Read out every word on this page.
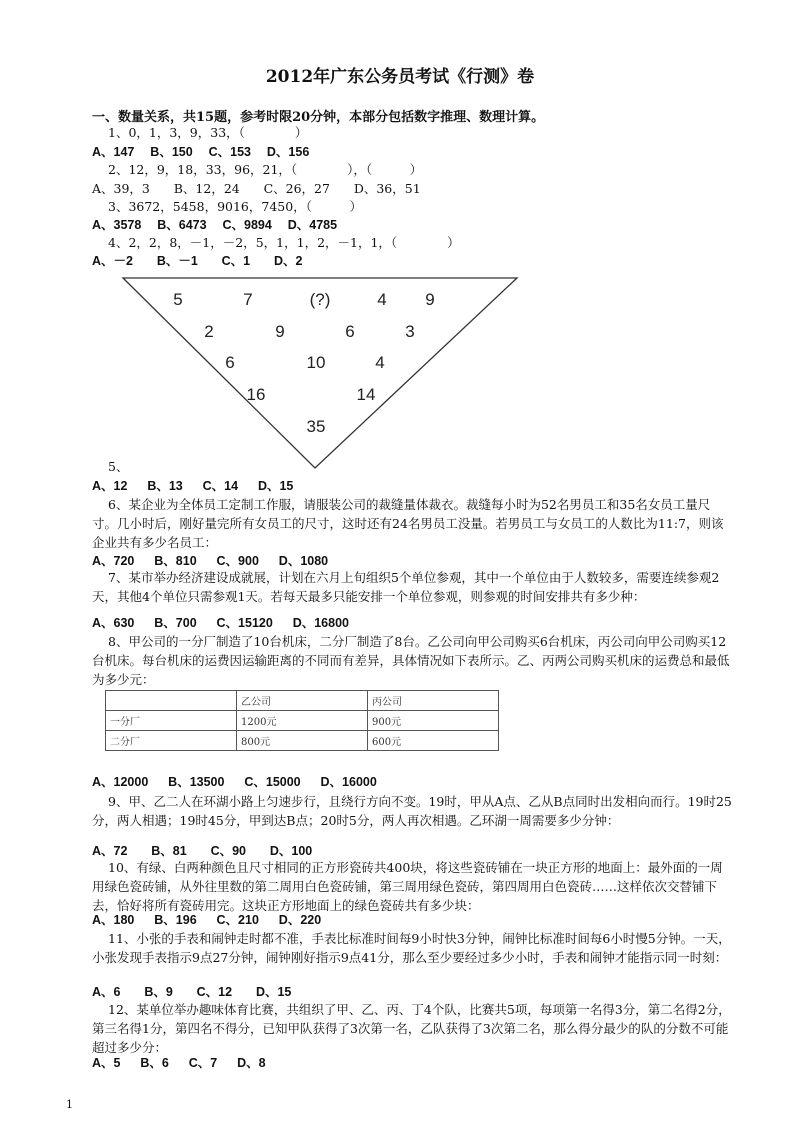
2012年广东公务员考试《行测》卷
一、数量关系，共15题，参考时限20分钟，本部分包括数字推理、数理计算。
1、0，1，3，9，33，（　　　　）
A、147 B、150 C、153 D、156
2、12，9，18，33，96，21，（　　　　），（　　　）
A、39，3 B、12，24 C、26，27 D、36，51
3、3672，5458，9016，7450，（　　　）
A、3578 B、6473 C、9894 D、4785
4、2，2，8，－1，－2，5，1，1，2，－1，1，（　　　　）
A、－2 B、－1 C、1 D、2
5	7	(?)	4 9
2	9	6	3
6	10	4
16	14
35
5、
A、12 B、13 C、14 D、15
6、某企业为全体员工定制工作服，请服装公司的裁缝量体裁衣。裁缝每小时为52名男员工和35名女员工量尺寸。几小时后，刚好量完所有女员工的尺寸，这时还有24名男员工没量。若男员工与女员工的人数比为11:7，则该企业共有多少名员工：
A、720 B、810 C、900 D、1080
7、某市举办经济建设成就展，计划在六月上旬组织5个单位参观，其中一个单位由于人数较多，需要连续参观2天，其他4个单位只需参观1天。若每天最多只能安排一个单位参观，则参观的时间安排共有多少种：
A、630 B、700 C、15120 D、16800
8、甲公司的一分厂制造了10台机床，二分厂制造了8台。乙公司向甲公司购买6台机床，丙公司向甲公司购买12台机床。每台机床的运费因运输距离的不同而有差异，具体情况如下表所示。乙、丙两公司购买机床的运费总和最低为多少元：
	乙公司	丙公司
一分厂	1200元	900元
二分厂	800元	600元
A、12000 B、13500 C、15000 D、16000
9、甲、乙二人在环湖小路上匀速步行，且绕行方向不变。19时，甲从A点、乙从B点同时出发相向而行。19时25分，两人相遇；19时45分，甲到达B点；20时5分，两人再次相遇。乙环湖一周需要多少分钟：
A、72 B、81 C、90 D、100
10、有绿、白两种颜色且尺寸相同的正方形瓷砖共400块，将这些瓷砖铺在一块正方形的地面上：最外面的一周用绿色瓷砖铺，从外往里数的第二周用白色瓷砖铺，第三周用绿色瓷砖，第四周用白色瓷砖……这样依次交替铺下去，恰好将所有瓷砖用完。这块正方形地面上的绿色瓷砖共有多少块：
A、180 B、196 C、210 D、220
11、小张的手表和闹钟走时都不准，手表比标准时间每9小时快3分钟，闹钟比标准时间每6小时慢5分钟。一天，小张发现手表指示9点27分钟，闹钟刚好指示9点41分，那么至少要经过多少小时，手表和闹钟才能指示同一时刻：
A、6 B、9 C、12 D、15
12、某单位举办趣味体育比赛，共组织了甲、乙、丙、丁4个队，比赛共5项，每项第一名得3分，第二名得2分，第三名得1分，第四名不得分，已知甲队获得了3次第一名，乙队获得了3次第二名，那么得分最少的队的分数不可能超过多少分：
A、5 B、6 C、7 D、8
1
